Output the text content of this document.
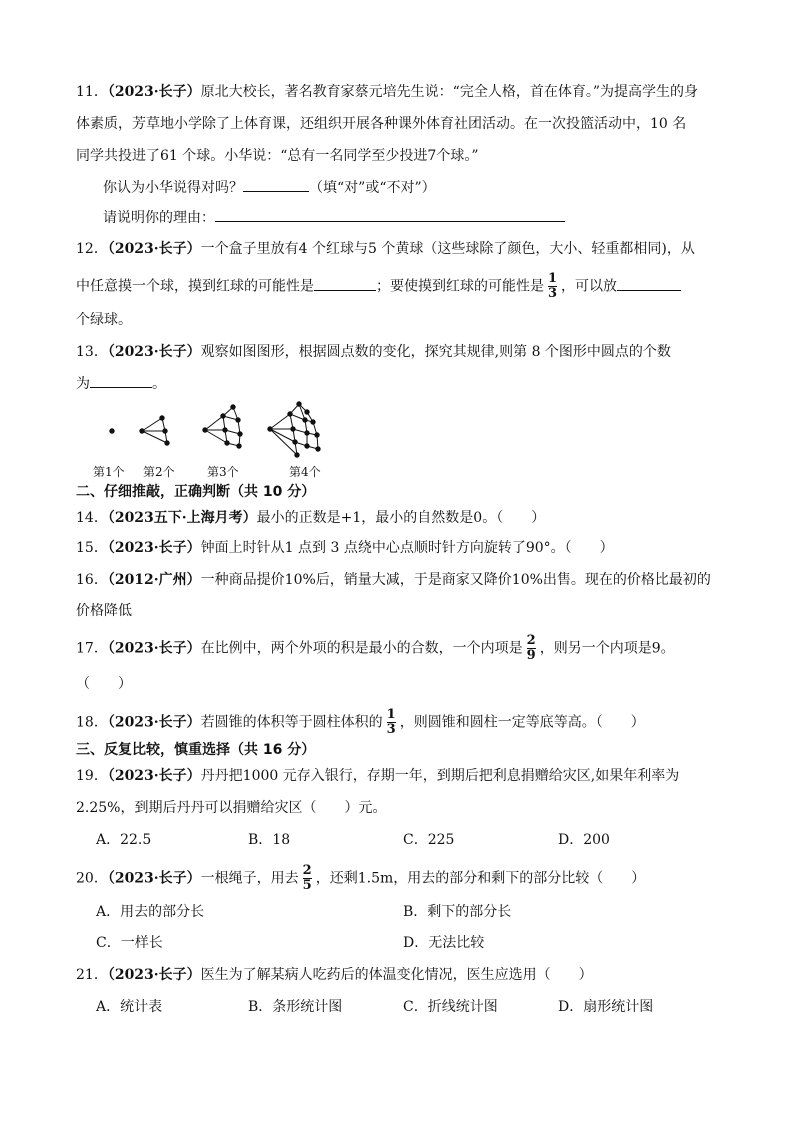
11．（2023·长子）原北大校长，著名教育家蔡元培先生说：“完全人格，首在体育。”为提高学生的身
体素质，芳草地小学除了上体育课，还组织开展各种课外体育社团活动。在一次投篮活动中，10 名
同学共投进了61 个球。小华说：“总有一名同学至少投进7个球。”
你认为小华说得对吗？	（填“对”或“不对”）
请说明你的理由：
12．（2023·长子）一个盒子里放有4 个红球与5 个黄球（这些球除了颜色，大小、轻重都相同)，从
中任意摸一个球，摸到红球的可能性是	；要使摸到红球的可能性是 $\frac{1}{3}$ ，可以放
个绿球。
13．（2023·长子）观察如图图形，根据圆点数的变化，探究其规律,则第 8 个图形中圆点的个数
为	。
第1个 第2个	第3个	第4个
二、仔细推敲，正确判断（共 10 分）
14．（2023五下·上海月考）最小的正数是+1，最小的自然数是0。（　　）
15．（2023·长子）钟面上时针从1 点到 3 点绕中心点顺时针方向旋转了90°。（　　）
16．（2012·广州）一种商品提价10%后，销量大减，于是商家又降价10%出售。现在的价格比最初的
价格降低
17．（2023·长子）在比例中，两个外项的积是最小的合数，一个内项是 $\frac{2}{9}$ ，则另一个内项是9。
（　　）
18．（2023·长子）若圆锥的体积等于圆柱体积的 $\frac{1}{3}$ ，则圆锥和圆柱一定等底等高。（　　）
三、反复比较，慎重选择（共 16 分）
19．（2023·长子）丹丹把1000 元存入银行，存期一年，到期后把利息捐赠给灾区,如果年利率为
2.25%，到期后丹丹可以捐赠给灾区（　　）元。
A．22.5	B．18	C．225	D．200
20．（2023·长子）一根绳子，用去 $\frac{2}{5}$ ，还剩1.5m，用去的部分和剩下的部分比较（　　）
A．用去的部分长	B．剩下的部分长
C．一样长	D．无法比较
21．（2023·长子）医生为了解某病人吃药后的体温变化情况，医生应选用（　　）
A．统计表	B．条形统计图	C．折线统计图	D．扇形统计图
